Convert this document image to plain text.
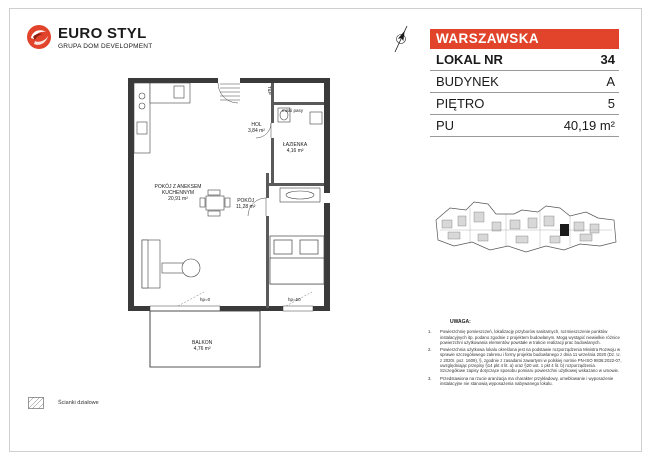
EURO STYL
GRUPA DOM DEVELOPMENT
WARSZAWSKA
LOKAL NR	34
BUDYNEK	A
PIĘTRO	5
PU	40,19 m²
HOL
3,84 m²
ŁAZIENKA
4,16 m²
POKÓJ Z ANEKSEM KUCHENNYM
20,91 m²	POKÓJ
11,28 m²
BALKON
4,76 m²
hp=0	hp=50
miski pasy
T&P
UWAGA:
1. Powierzchnię pomieszczeń, lokalizację przyborów sanitarnych, rozmieszczenie punktów instalacyjnych itp. podano zgodnie z projektem budowlanym. Mogą wystąpić niewielkie różnice powierzchni użytkowania elementów powstałe w trakcie realizacji prac budowlanych.
2. Powierzchnia użytkowa lokalu określona jest na podstawie rozporządzenia Ministra Rozwoju w sprawie szczegółowego zakresu i formy projektu budowlanego z dnia 11 września 2020 (Dz. U. z 2020r. poz. 1609), §, zgodnie z zasadami zawartymi w polskiej normie PN-ISO 9836:2022-07, uwzględniając przepisy §14 pkt 4 lit. a) oraz §20 ust. 1 pkt 4 lit. b) rozporządzenia. Szczegółowe zapisy dotyczące sposobu pomiaru powierzchni użytkowej wskazano w umowie.
3. Przedstawiona na rzucie aranżacja ma charakter przykładowy, umeblowanie i wyposażenie instalacyjne nie stanowią wyposażenia nabywanego lokalu.
Ścianki działowe
